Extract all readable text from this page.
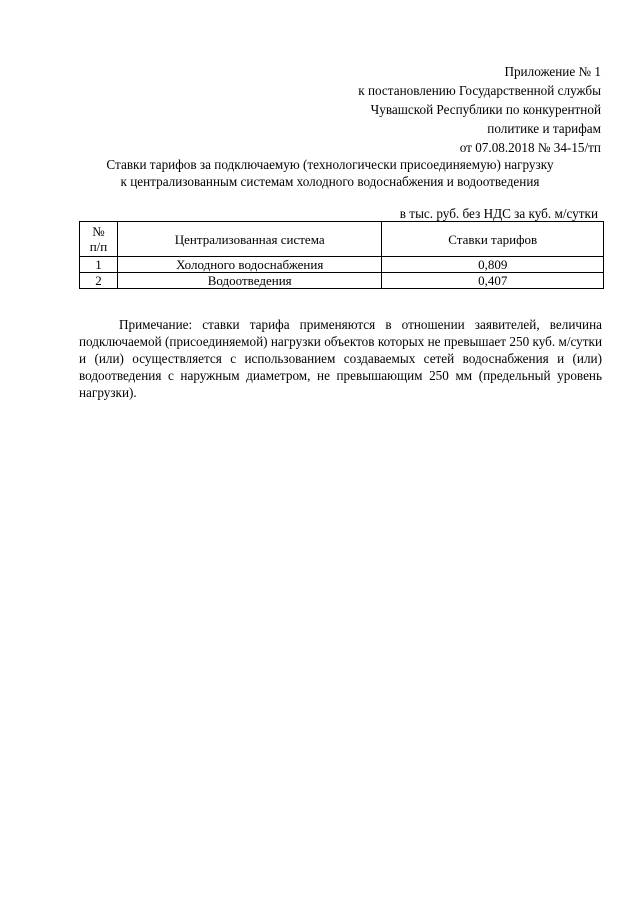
Приложение № 1
к постановлению Государственной службы
Чувашской Республики по конкурентной
политике и тарифам
от 07.08.2018 № 34-15/тп
Ставки тарифов за подключаемую (технологически присоединяемую) нагрузку
к централизованным системам холодного водоснабжения и водоотведения
в тыс. руб. без НДС за куб. м/сутки
№
п/п	Централизованная система	Ставки тарифов
1	Холодного водоснабжения	0,809
2	Водоотведения	0,407

Примечание: ставки тарифа применяются в отношении заявителей, величина подключаемой (присоединяемой) нагрузки объектов которых не превышает 250 куб. м/сутки и (или) осуществляется с использованием создаваемых сетей водоснабжения и (или) водоотведения с наружным диаметром, не превышающим 250 мм (предельный уровень нагрузки).
